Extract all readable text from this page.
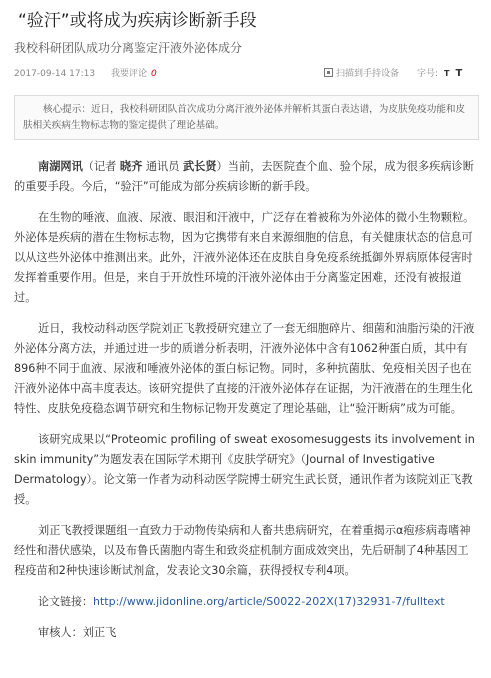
“验汗”或将成为疾病诊断新手段
我校科研团队成功分离鉴定汗液外泌体成分
2017-09-14 17:13 我要评论 0	扫描到手持设备 字号: T T
核心提示：近日，我校科研团队首次成功分离汗液外泌体并解析其蛋白表达谱，为皮肤免疫功能和皮肤相关疾病生物标志物的鉴定提供了理论基础。

南湖网讯（记者 晓齐 通讯员 武长贤）当前，去医院查个血、验个尿，成为很多疾病诊断的重要手段。今后，“验汗”可能成为部分疾病诊断的新手段。

在生物的唾液、血液、尿液、眼泪和汗液中，广泛存在着被称为外泌体的微小生物颗粒。外泌体是疾病的潜在生物标志物，因为它携带有来自来源细胞的信息，有关健康状态的信息可以从这些外泌体中推测出来。此外，汗液外泌体还在皮肤自身免疫系统抵御外界病原体侵害时发挥着重要作用。但是，来自于开放性环境的汗液外泌体由于分离鉴定困难，还没有被报道过。

近日，我校动科动医学院刘正飞教授研究建立了一套无细胞碎片、细菌和油脂污染的汗液外泌体分离方法，并通过进一步的质谱分析表明，汗液外泌体中含有1062种蛋白质，其中有896种不同于血液、尿液和唾液外泌体的蛋白标记物。同时，多种抗菌肽、免疫相关因子也在汗液外泌体中高丰度表达。该研究提供了直接的汗液外泌体存在证据，为汗液潜在的生理生化特性、皮肤免疫稳态调节研究和生物标记物开发奠定了理论基础，让“验汗断病”成为可能。

该研究成果以“Proteomic profiling of sweat exosomesuggests its involvement in skin immunity”为题发表在国际学术期刊《皮肤学研究》（Journal of Investigative Dermatology）。论文第一作者为动科动医学院博士研究生武长贤，通讯作者为该院刘正飞教授。

刘正飞教授课题组一直致力于动物传染病和人畜共患病研究，在着重揭示α疱疹病毒嗜神经性和潜伏感染，以及布鲁氏菌胞内寄生和致炎症机制方面成效突出，先后研制了4种基因工程疫苗和2种快速诊断试剂盒，发表论文30余篇，获得授权专利4项。

论文链接：http://www.jidonline.org/article/S0022-202X(17)32931-7/fulltext

审核人：刘正飞
